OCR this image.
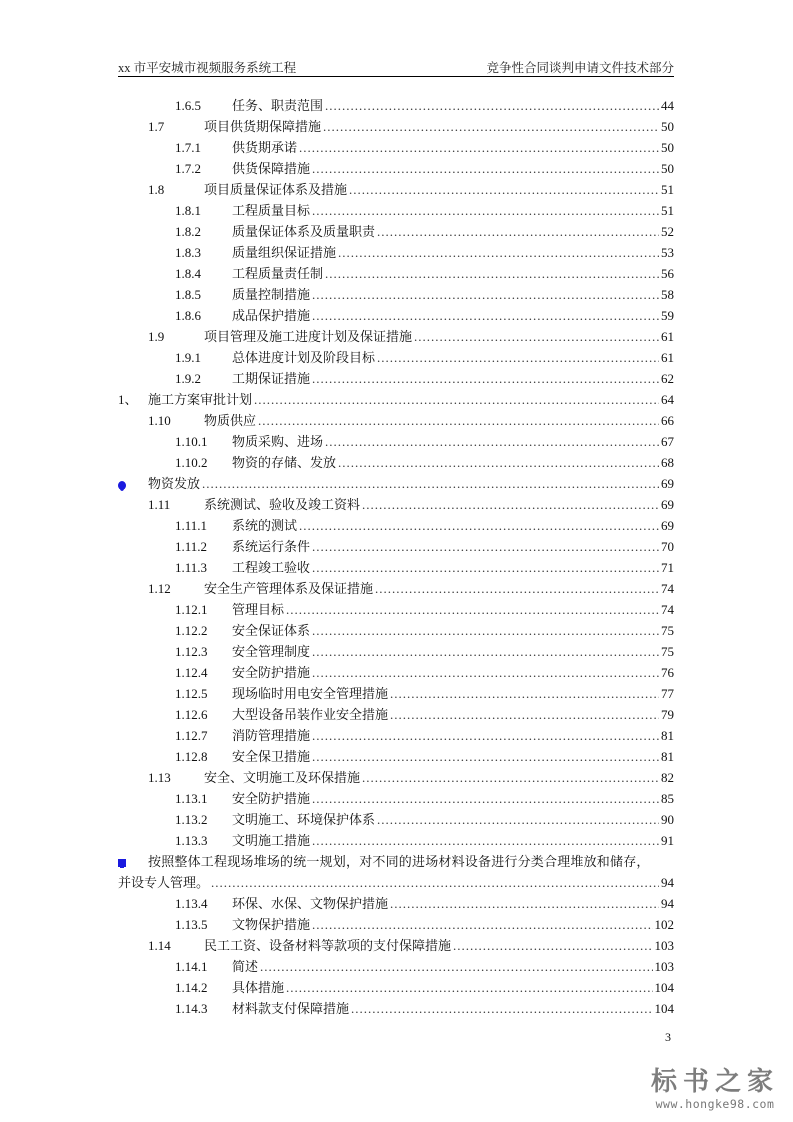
xx 市平安城市视频服务系统工程	竞争性合同谈判申请文件技术部分
1.6.5	任务、职责范围 .....	44
1.7	项目供货期保障措施 .....	50
1.7.1	供货期承诺 .....	50
1.7.2	供货保障措施 .....	50
1.8	项目质量保证体系及措施 .....	51
1.8.1	工程质量目标 .....	51
1.8.2	质量保证体系及质量职责 .....	52
1.8.3	质量组织保证措施 .....	53
1.8.4	工程质量责任制 .....	56
1.8.5	质量控制措施 .....	58
1.8.6	成品保护措施 .....	59
1.9	项目管理及施工进度计划及保证措施 .....	61
1.9.1	总体进度计划及阶段目标 .....	61
1.9.2	工期保证措施 .....	62
1、 施工方案审批计划 .....	64
1.10	物质供应 .....	66
1.10.1	物质采购、进场 .....	67
1.10.2	物资的存储、发放 .....	68
物资发放 .....	69
1.11	系统测试、验收及竣工资料 .....	69
1.11.1	系统的测试 .....	69
1.11.2	系统运行条件 .....	70
1.11.3	工程竣工验收 .....	71
1.12	安全生产管理体系及保证措施 .....	74
1.12.1	管理目标 .....	74
1.12.2	安全保证体系 .....	75
1.12.3	安全管理制度 .....	75
1.12.4	安全防护措施 .....	76
1.12.5	现场临时用电安全管理措施 .....	77
1.12.6	大型设备吊装作业安全措施 .....	79
1.12.7	消防管理措施 .....	81
1.12.8	安全保卫措施 .....	81
1.13	安全、文明施工及环保措施 .....	82
1.13.1	安全防护措施 .....	85
1.13.2	文明施工、环境保护体系 .....	90
1.13.3	文明施工措施 .....	91
按照整体工程现场堆场的统一规划，对不同的进场材料设备进行分类合理堆放和储存，
并设专人管理。 .....	94
1.13.4	环保、水保、文物保护措施 .....	94
1.13.5	文物保护措施 .....	102
1.14	民工工资、设备材料等款项的支付保障措施 .....	103
1.14.1	简述 .....	103
1.14.2	具体措施 .....	104
1.14.3	材料款支付保障措施 .....	104
3
标书之家
www.hongke98.com
